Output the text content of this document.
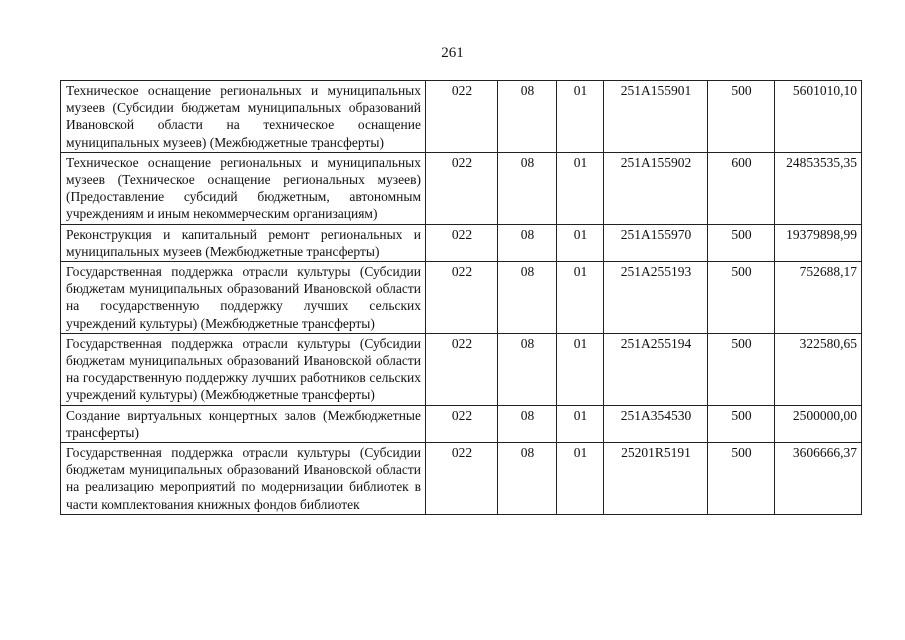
261
Техническое оснащение региональных и муниципальных музеев (Субсидии бюджетам муниципальных образований Ивановской области на техническое оснащение муниципальных музеев) (Межбюджетные трансферты)	022	08	01	251A155901	500	5601010,10
Техническое оснащение региональных и муниципальных музеев (Техническое оснащение региональных музеев) (Предоставление субсидий бюджетным, автономным учреждениям и иным некоммерческим организациям)	022	08	01	251A155902	600	24853535,35
Реконструкция и капитальный ремонт региональных и муниципальных музеев (Межбюджетные трансферты)	022	08	01	251A155970	500	19379898,99
Государственная поддержка отрасли культуры (Субсидии бюджетам муниципальных образований Ивановской области на государственную поддержку лучших сельских учреждений культуры) (Межбюджетные трансферты)	022	08	01	251A255193	500	752688,17
Государственная поддержка отрасли культуры (Субсидии бюджетам муниципальных образований Ивановской области на государственную поддержку лучших работников сельских учреждений культуры) (Межбюджетные трансферты)	022	08	01	251A255194	500	322580,65
Создание виртуальных концертных залов (Межбюджетные трансферты)	022	08	01	251A354530	500	2500000,00

Государственная поддержка отрасли культуры (Субсидии бюджетам муниципальных образований Ивановской области на реализацию мероприятий по модернизации библиотек в части комплектования книжных фондов библиотек	022	08	01	25201R5191	500	3606666,37
